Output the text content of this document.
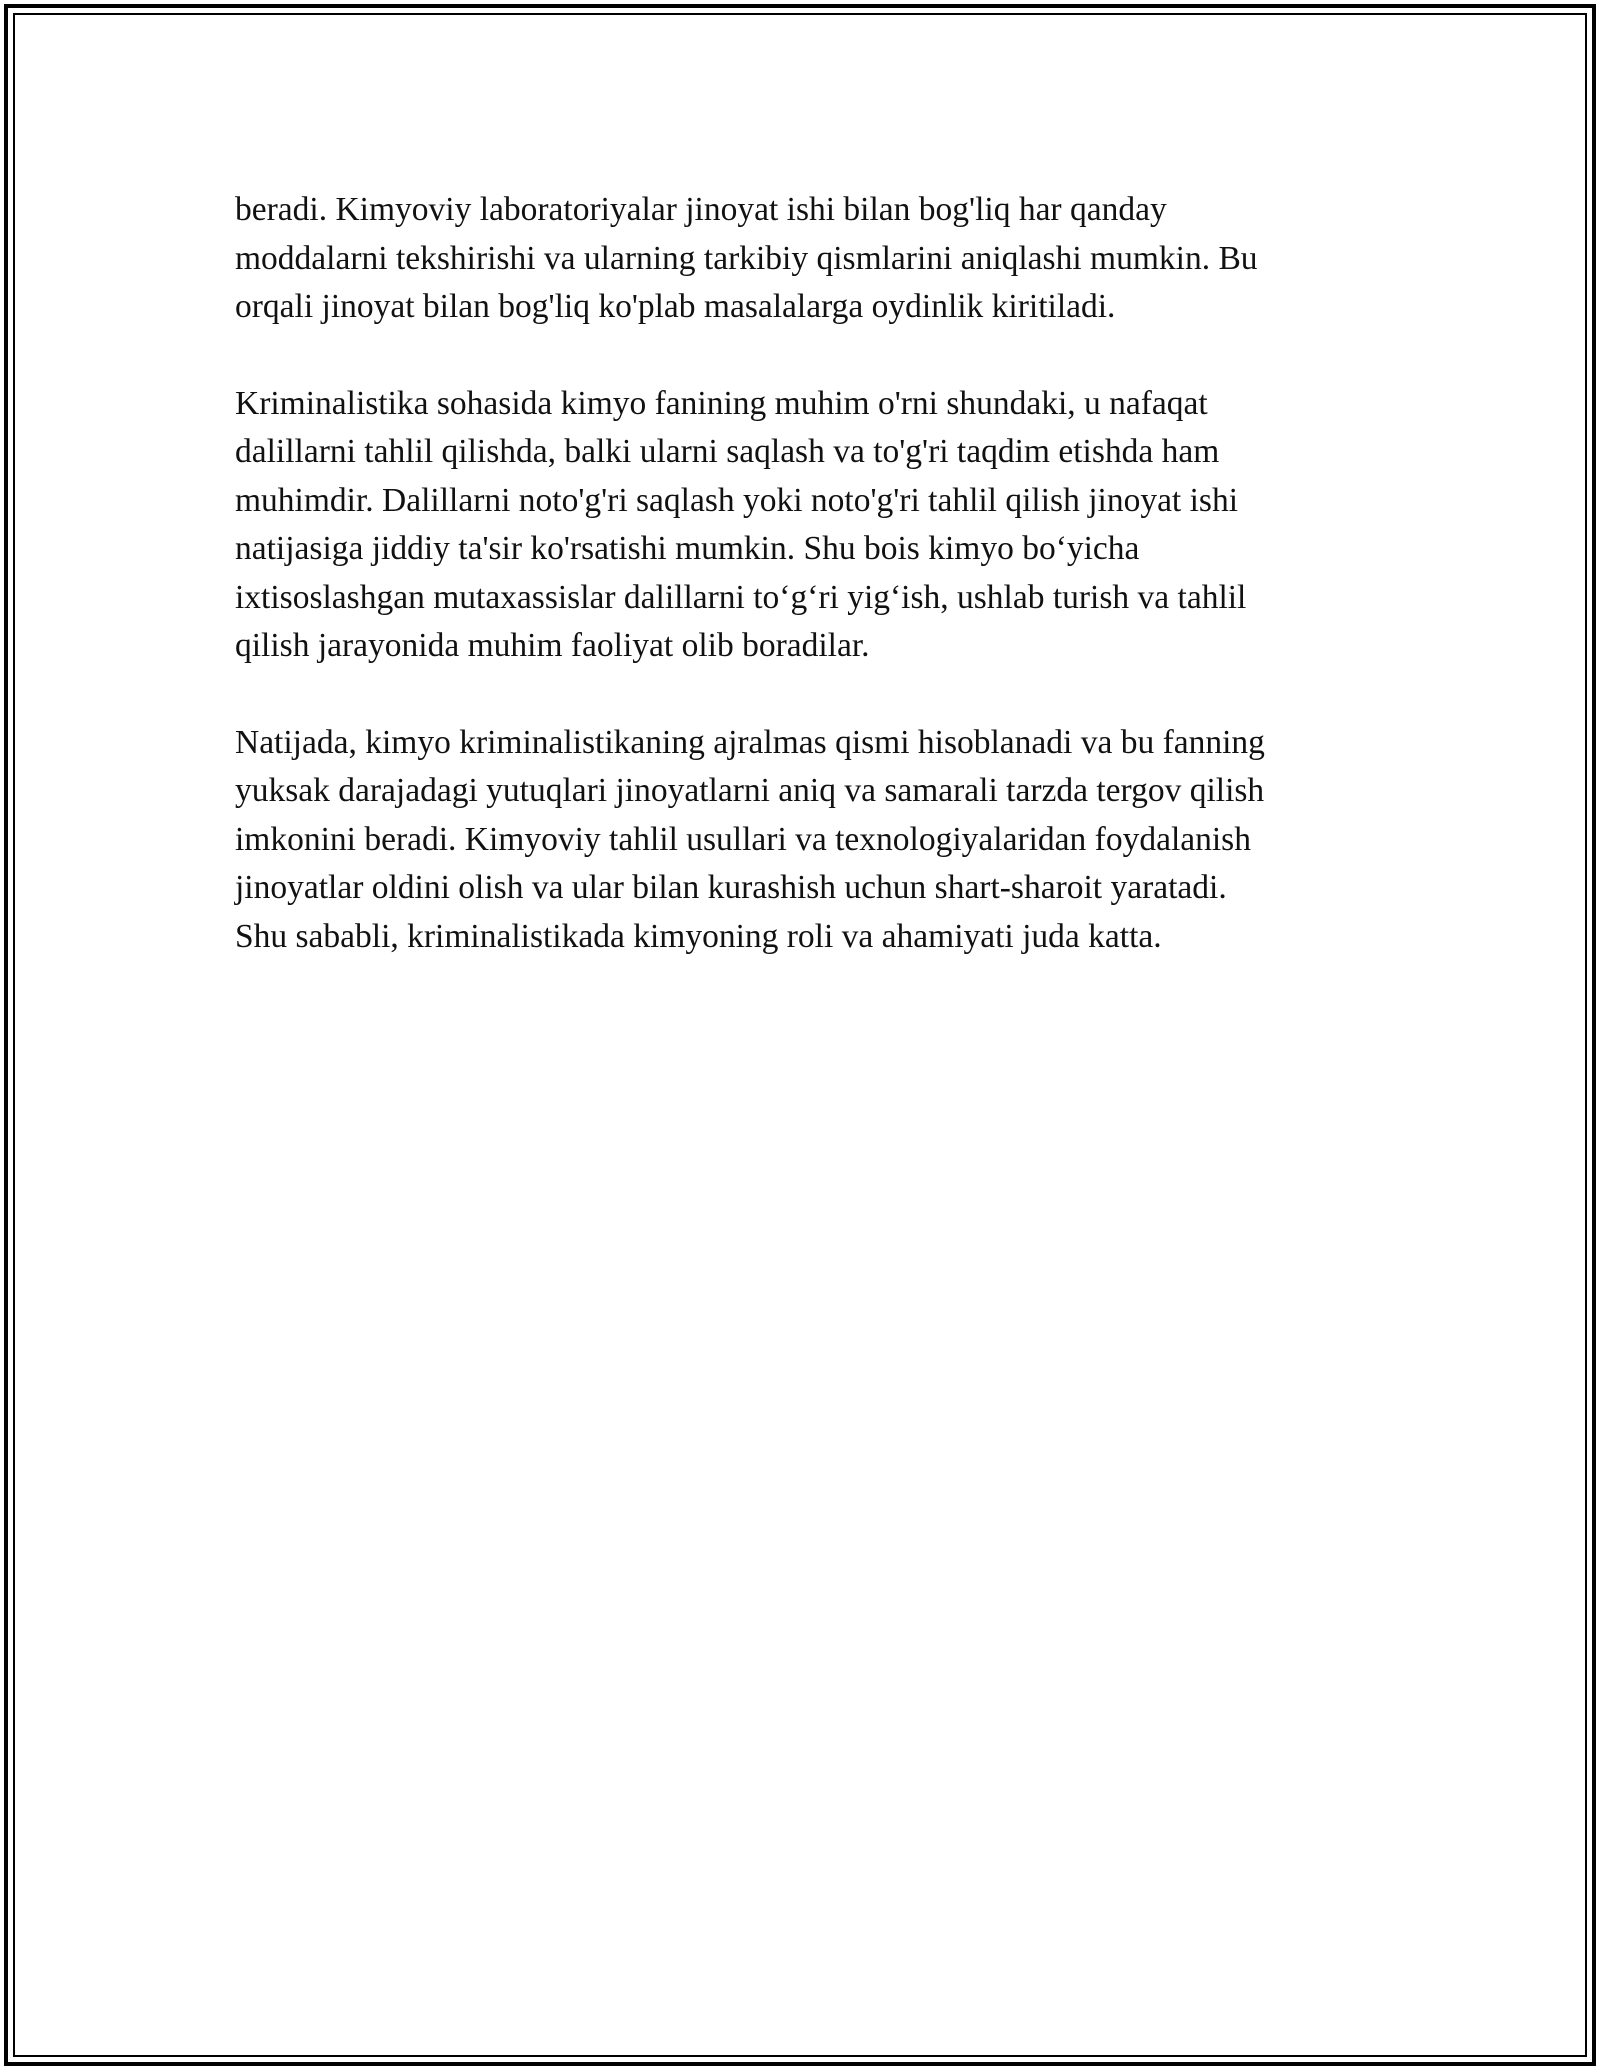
beradi. Kimyoviy laboratoriyalar jinoyat ishi bilan bog'liq har qanday
moddalarni tekshirishi va ularning tarkibiy qismlarini aniqlashi mumkin. Bu
orqali jinoyat bilan bog'liq ko'plab masalalarga oydinlik kiritiladi.

Kriminalistika sohasida kimyo fanining muhim o'rni shundaki, u nafaqat
dalillarni tahlil qilishda, balki ularni saqlash va to'g'ri taqdim etishda ham
muhimdir. Dalillarni noto'g'ri saqlash yoki noto'g'ri tahlil qilish jinoyat ishi
natijasiga jiddiy ta'sir ko'rsatishi mumkin. Shu bois kimyo bo‘yicha
ixtisoslashgan mutaxassislar dalillarni to‘g‘ri yig‘ish, ushlab turish va tahlil
qilish jarayonida muhim faoliyat olib boradilar.

Natijada, kimyo kriminalistikaning ajralmas qismi hisoblanadi va bu fanning
yuksak darajadagi yutuqlari jinoyatlarni aniq va samarali tarzda tergov qilish
imkonini beradi. Kimyoviy tahlil usullari va texnologiyalaridan foydalanish
jinoyatlar oldini olish va ular bilan kurashish uchun shart-sharoit yaratadi.
Shu sababli, kriminalistikada kimyoning roli va ahamiyati juda katta.
